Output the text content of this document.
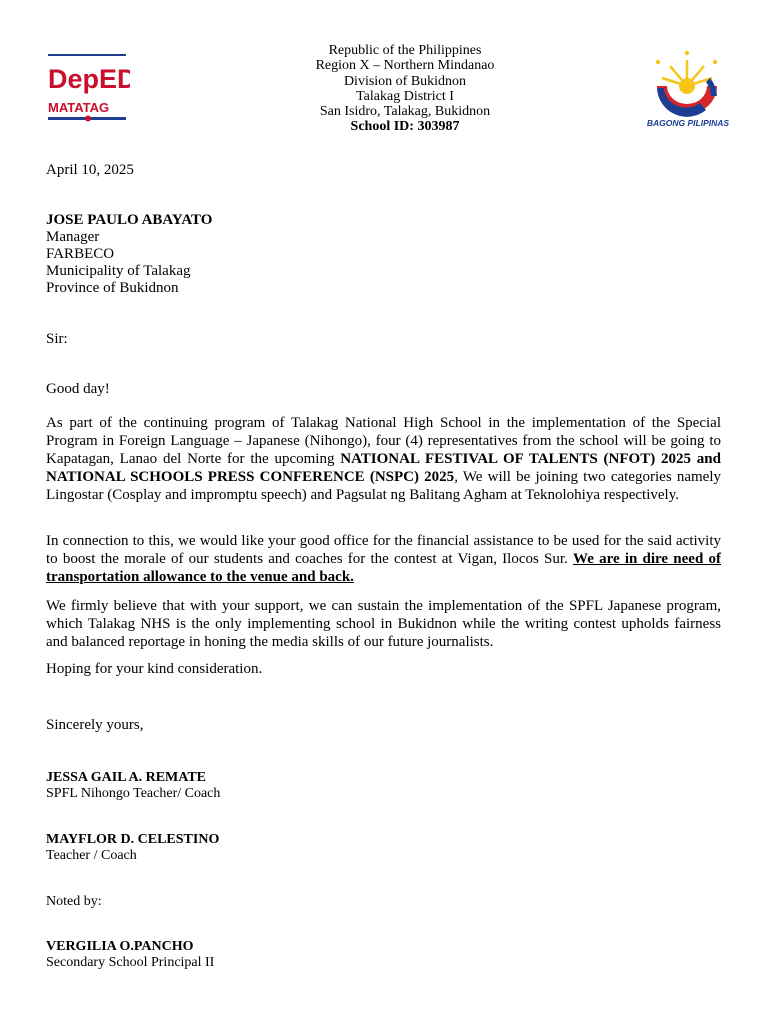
DepED
MATATAG
Republic of the Philippines
Region X – Northern Mindanao
Division of Bukidnon
Talakag District I
San Isidro, Talakag, Bukidnon
School ID: 303987	BAGONG PILIPINAS
April 10, 2025
JOSE PAULO ABAYATO
Manager
FARBECO
Municipality of Talakag
Province of Bukidnon
Sir:
Good day!
As part of the continuing program of Talakag National High School in the implementation of the Special Program in Foreign Language – Japanese (Nihongo), four (4) representatives from the school will be going to Kapatagan, Lanao del Norte for the upcoming NATIONAL FESTIVAL OF TALENTS (NFOT) 2025 and NATIONAL SCHOOLS PRESS CONFERENCE (NSPC) 2025, We will be joining two categories namely Lingostar (Cosplay and impromptu speech) and Pagsulat ng Balitang Agham at Teknolohiya respectively.
In connection to this, we would like your good office for the financial assistance to be used for the said activity to boost the morale of our students and coaches for the contest at Vigan, Ilocos Sur. We are in dire need of transportation allowance to the venue and back.
We firmly believe that with your support, we can sustain the implementation of the SPFL Japanese program, which Talakag NHS is the only implementing school in Bukidnon while the writing contest upholds fairness and balanced reportage in honing the media skills of our future journalists.
Hoping for your kind consideration.
Sincerely yours,
JESSA GAIL A. REMATE
SPFL Nihongo Teacher/ Coach
MAYFLOR D. CELESTINO
Teacher / Coach
Noted by:
VERGILIA O.PANCHO
Secondary School Principal II
